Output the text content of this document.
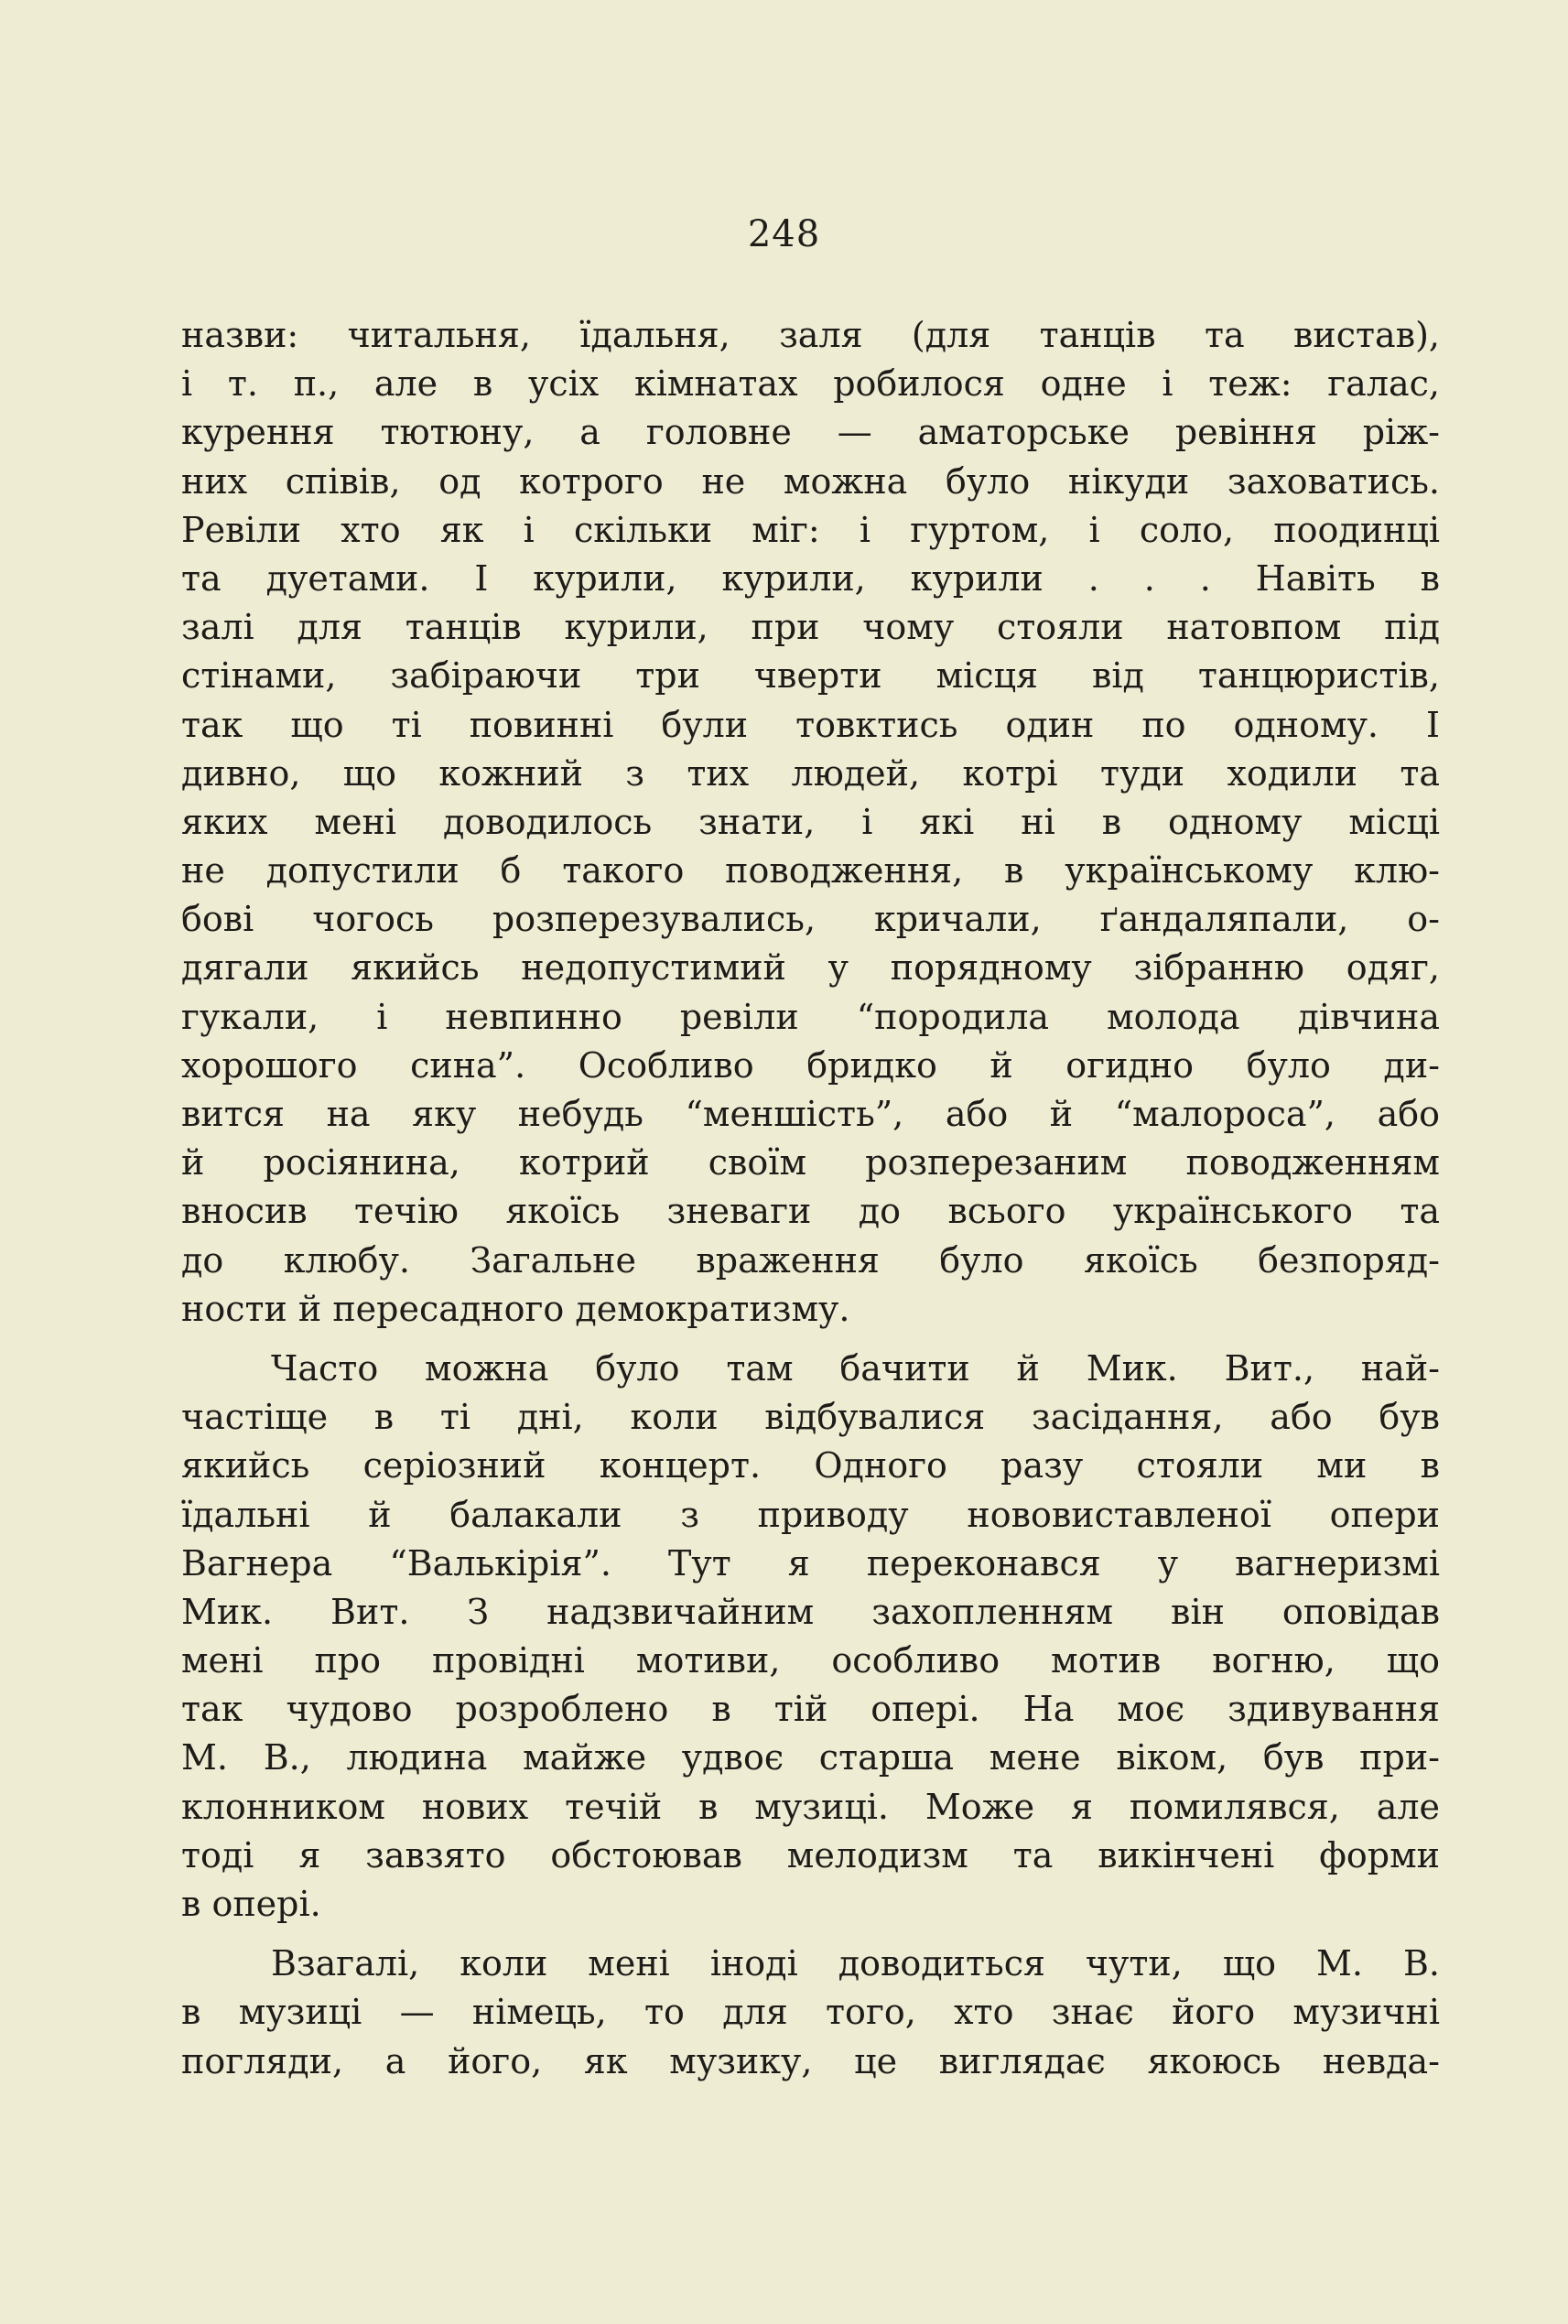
248
назви: читальня, їдальня, заля (для танців та вистав),
і т. п., але в усіх кімнатах робилося одне і теж: галас,
курення тютюну, а головне — аматорське ревіння ріж-
них співів, од котрого не можна було нікуди заховатись.
Ревіли хто як і скільки міг: і гуртом, і соло, поодинці
та дуетами. І курили, курили, курили . . . Навіть в
залі для танців курили, при чому стояли натовпом під
стінами, забіраючи три чверти місця від танцюристів,
так що ті повинні були товктись один по одному. І
дивно, що кожний з тих людей, котрі туди ходили та
яких мені доводилось знати, і які ні в одному місці
не допустили б такого поводження, в українському клю-
бові чогось розперезувались, кричали, ґандаляпали, о-
дягали якийсь недопустимий у порядному зібранню одяг,
гукали, і невпинно ревіли “породила молода дівчина
хорошого сина”. Особливо бридко й огидно було ди-
вится на яку небудь “меншість”, або й “малороса”, або
й росіянина, котрий своїм розперезаним поводженням
вносив течію якоїсь зневаги до всього українського та
до клюбу. Загальне враження було якоїсь безпоряд-
ности й пересадного демократизму.
Часто можна було там бачити й Мик. Вит., най-
частіще в ті дні, коли відбувалися засідання, або був
якийсь серіозний концерт. Одного разу стояли ми в
їдальні й балакали з приводу нововиставленої опери
Вагнера “Валькірія”. Тут я переконався у вагнеризмі
Мик. Вит. З надзвичайним захопленням він оповідав
мені про провідні мотиви, особливо мотив вогню, що
так чудово розроблено в тій опері. На моє здивування
М. В., людина майже удвоє старша мене віком, був при-
клонником нових течій в музиці. Може я помилявся, але
тоді я завзято обстоював мелодизм та викінчені форми
в опері.
Взагалі, коли мені іноді доводиться чути, що М. В.
в музиці — німець, то для того, хто знає його музичні
погляди, а його, як музику, це виглядає якоюсь невда-
